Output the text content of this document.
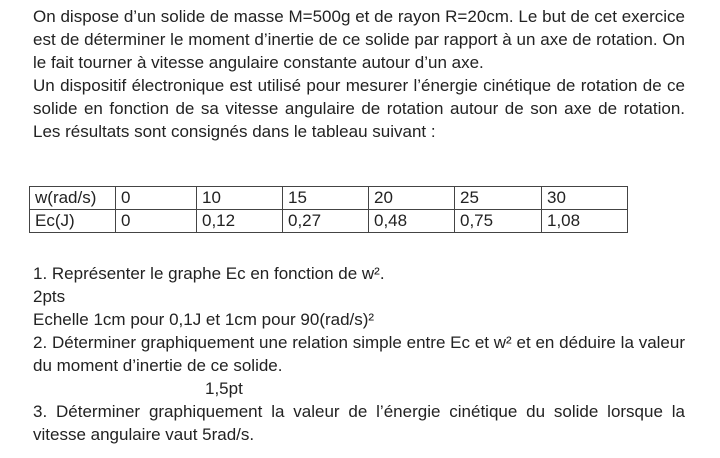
On dispose d’un solide de masse M=500g et de rayon R=20cm. Le but de cet exercice est de déterminer le moment d’inertie de ce solide par rapport à un axe de rotation. On le fait tourner à vitesse angulaire constante autour d’un axe.

Un dispositif électronique est utilisé pour mesurer l’énergie cinétique de rotation de ce solide en fonction de sa vitesse angulaire de rotation autour de son axe de rotation. Les résultats sont consignés dans le tableau suivant :

w(rad/s)	0	10	15	20	25	30
Ec(J)	0	0,12	0,27	0,48	0,75	1,08

1. Représenter le graphe Ec en fonction de w².

2pts

Echelle 1cm pour 0,1J et 1cm pour 90(rad/s)²

2. Déterminer graphiquement une relation simple entre Ec et w² et en déduire la valeur du moment d’inertie de ce solide.

1,5pt

3. Déterminer graphiquement la valeur de l’énergie cinétique du solide lorsque la vitesse angulaire vaut 5rad/s.
